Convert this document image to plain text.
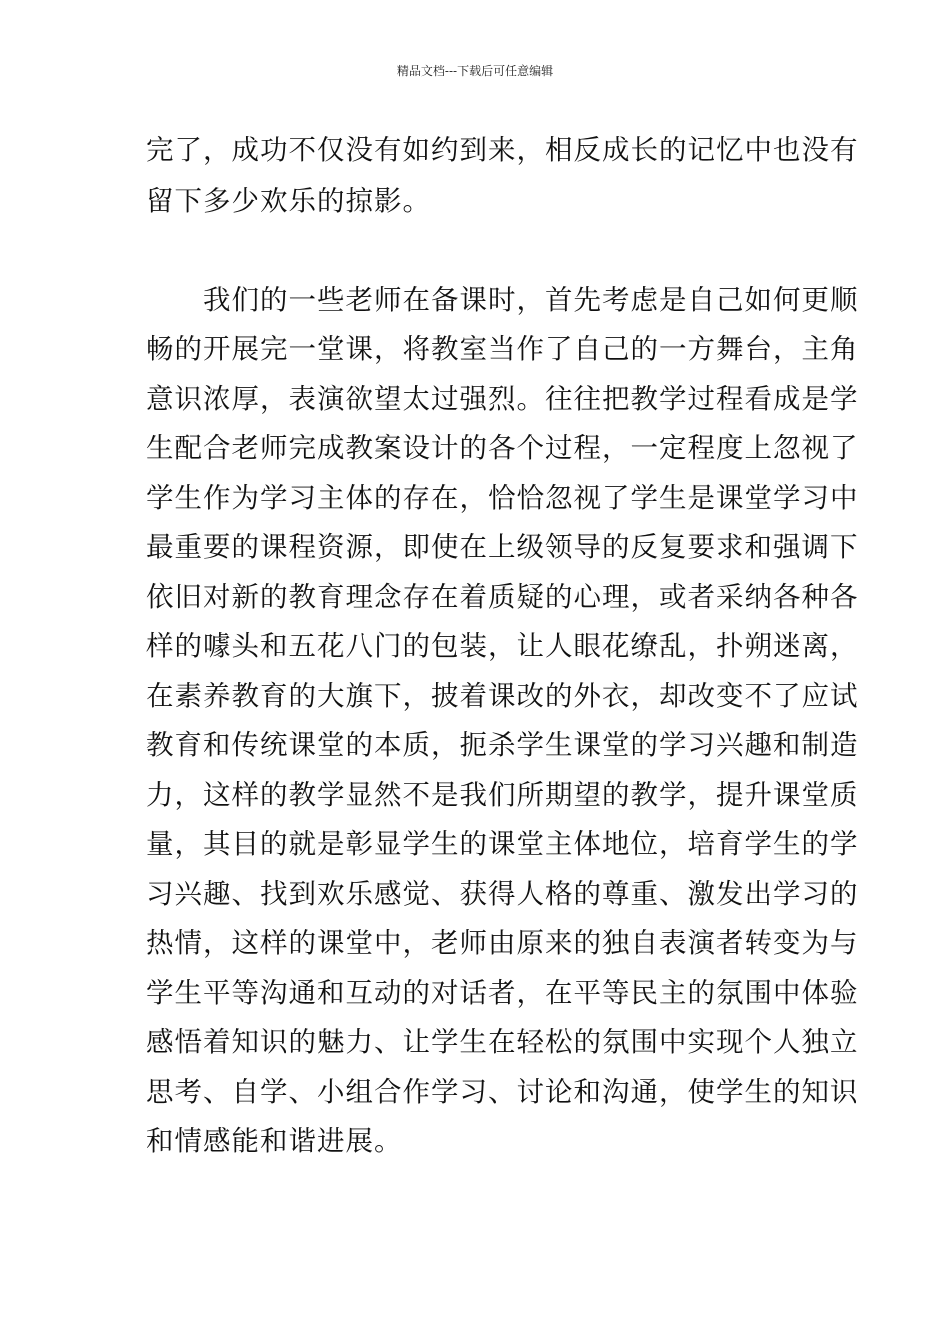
精品文档---下载后可任意编辑
完了，成功不仅没有如约到来，相反成长的记忆中也没有
留下多少欢乐的掠影。
　　我们的一些老师在备课时，首先考虑是自己如何更顺
畅的开展完一堂课，将教室当作了自己的一方舞台，主角
意识浓厚，表演欲望太过强烈。往往把教学过程看成是学
生配合老师完成教案设计的各个过程，一定程度上忽视了
学生作为学习主体的存在，恰恰忽视了学生是课堂学习中
最重要的课程资源，即使在上级领导的反复要求和强调下
依旧对新的教育理念存在着质疑的心理，或者采纳各种各
样的噱头和五花八门的包装，让人眼花缭乱，扑朔迷离，
在素养教育的大旗下，披着课改的外衣，却改变不了应试
教育和传统课堂的本质，扼杀学生课堂的学习兴趣和制造
力，这样的教学显然不是我们所期望的教学，提升课堂质
量，其目的就是彰显学生的课堂主体地位，培育学生的学
习兴趣、找到欢乐感觉、获得人格的尊重、激发出学习的
热情，这样的课堂中，老师由原来的独自表演者转变为与
学生平等沟通和互动的对话者，在平等民主的氛围中体验
感悟着知识的魅力、让学生在轻松的氛围中实现个人独立
思考、自学、小组合作学习、讨论和沟通，使学生的知识
和情感能和谐进展。
